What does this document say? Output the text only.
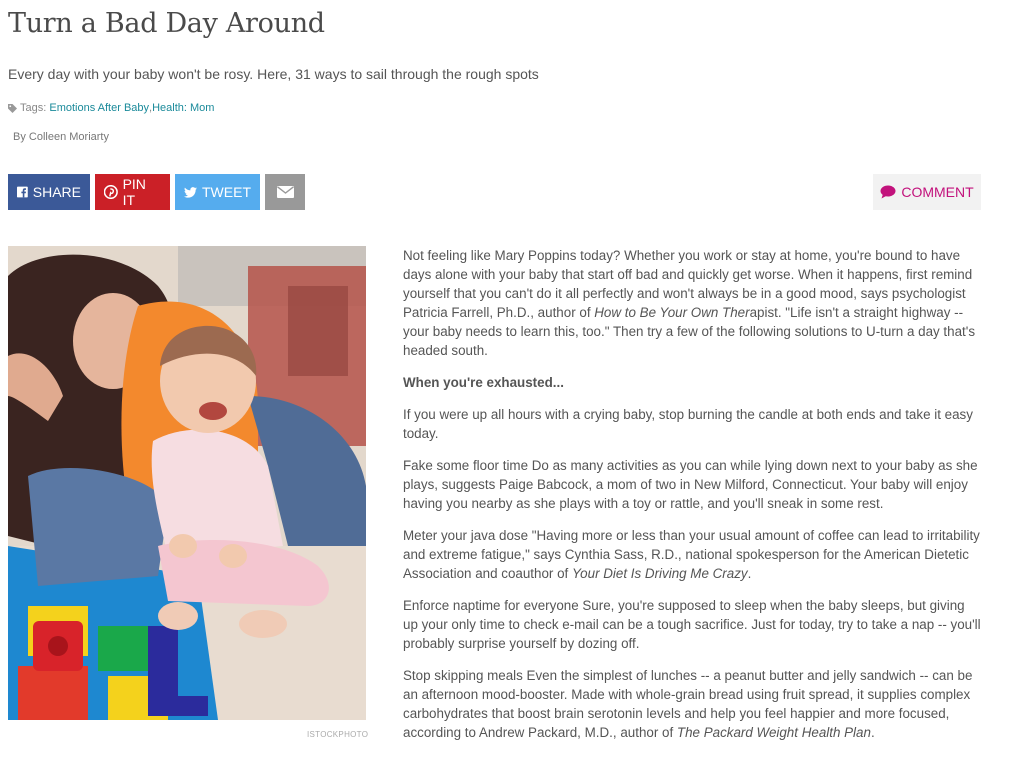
Turn a Bad Day Around

Every day with your baby won't be rosy. Here, 31 ways to sail through the rough spots

Tags:
Emotions After Baby , Health: Mom
By Colleen Moriarty
SHARE	PIN IT	TWEET	COMMENT
ISTOCKPHOTO

Not feeling like Mary Poppins today? Whether you work or stay at home, you're bound to have days alone with your baby that start off bad and quickly get worse. When it happens, first remind yourself that you can't do it all perfectly and won't always be in a good mood, says psychologist Patricia Farrell, Ph.D., author of How to Be Your Own Therapist. "Life isn't a straight highway -- your baby needs to learn this, too." Then try a few of the following solutions to U-turn a day that's headed south.

When you're exhausted...

If you were up all hours with a crying baby, stop burning the candle at both ends and take it easy today.

Fake some floor time Do as many activities as you can while lying down next to your baby as she plays, suggests Paige Babcock, a mom of two in New Milford, Connecticut. Your baby will enjoy having you nearby as she plays with a toy or rattle, and you'll sneak in some rest.

Meter your java dose "Having more or less than your usual amount of coffee can lead to irritability and extreme fatigue," says Cynthia Sass, R.D., national spokesperson for the American Dietetic Association and coauthor of Your Diet Is Driving Me Crazy.

Enforce naptime for everyone Sure, you're supposed to sleep when the baby sleeps, but giving up your only time to check e-mail can be a tough sacrifice. Just for today, try to take a nap -- you'll probably surprise yourself by dozing off.

Stop skipping meals Even the simplest of lunches -- a peanut butter and jelly sandwich -- can be an afternoon mood-booster. Made with whole-grain bread using fruit spread, it supplies complex carbohydrates that boost brain serotonin levels and help you feel happier and more focused, according to Andrew Packard, M.D., author of The Packard Weight Health Plan.
